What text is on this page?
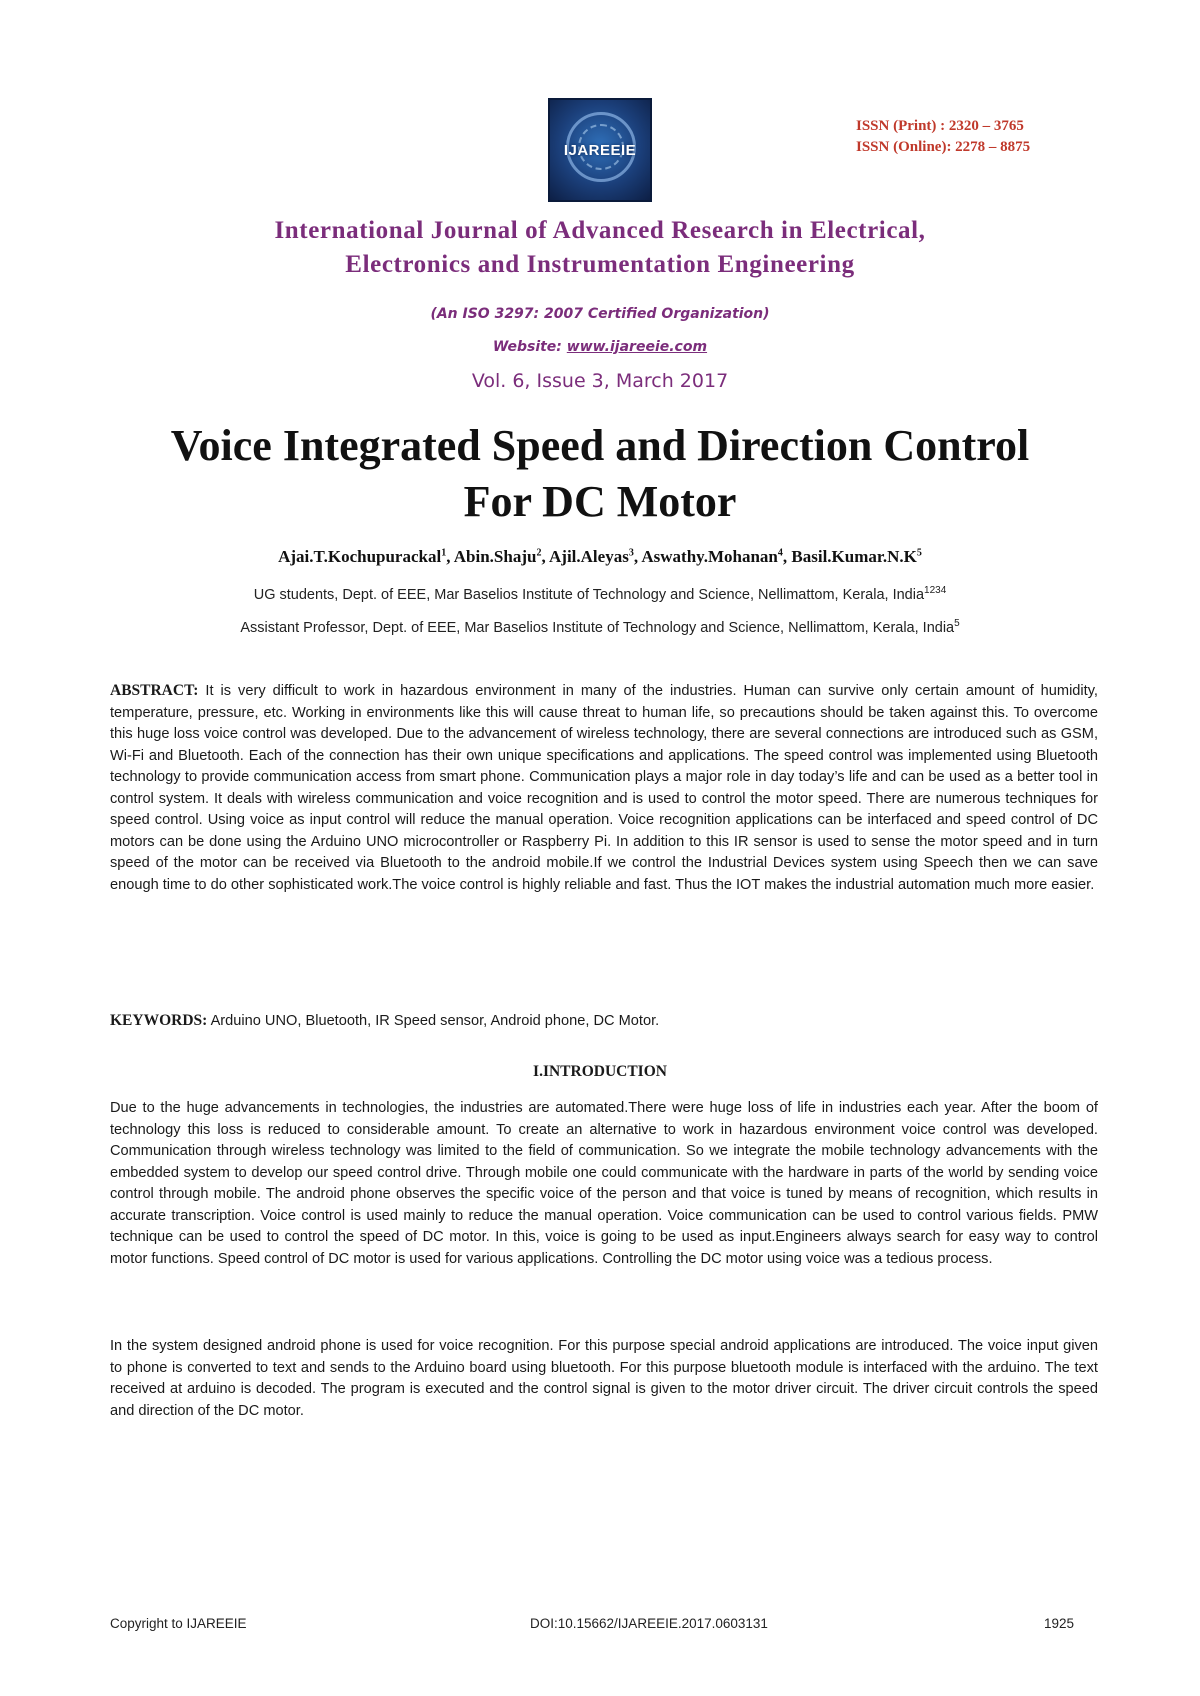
IJAREEIE
ISSN (Print) : 2320 – 3765
ISSN (Online): 2278 – 8875
International Journal of Advanced Research in Electrical,
Electronics and Instrumentation Engineering
(An ISO 3297: 2007 Certified Organization)
Website: www.ijareeie.com
Vol. 6, Issue 3, March 2017
Voice Integrated Speed and Direction Control
For DC Motor
Ajai.T.Kochupurackal$^1$, Abin.Shaju$^2$, Ajil.Aleyas$^3$, Aswathy.Mohanan$^4$, $Basil.Kumar.N.K^5$
UG students, Dept. of EEE, Mar Baselios Institute of Technology and Science, Nellimattom, Kerala, India$^{1234}$
Assistant Professor, Dept. of EEE, Mar Baselios Institute of Technology and Science, Nellimattom, Kerala, India$^5$
ABSTRACT: It is very difficult to work in hazardous environment in many of the industries. Human can survive only certain amount of humidity, temperature, pressure, etc. Working in environments like this will cause threat to human life, so precautions should be taken against this. To overcome this huge loss voice control was developed. Due to the advancement of wireless technology, there are several connections are introduced such as GSM, Wi-Fi and Bluetooth. Each of the connection has their own unique specifications and applications. The speed control was implemented using Bluetooth technology to provide communication access from smart phone. Communication plays a major role in day today’s life and can be used as a better tool in control system. It deals with wireless communication and voice recognition and is used to control the motor speed. There are numerous techniques for speed control. Using voice as input control will reduce the manual operation. Voice recognition applications can be interfaced and speed control of DC motors can be done using the Arduino UNO microcontroller or Raspberry Pi. In addition to this IR sensor is used to sense the motor speed and in turn speed of the motor can be received via Bluetooth to the android mobile.If we control the Industrial Devices system using Speech then we can save enough time to do other sophisticated work.The voice control is highly reliable and fast. Thus the IOT makes the industrial automation much more easier.
KEYWORDS: Arduino UNO, Bluetooth, IR Speed sensor, Android phone, DC Motor.
I.INTRODUCTION
Due to the huge advancements in technologies, the industries are automated.There were huge loss of life in industries each year. After the boom of technology this loss is reduced to considerable amount. To create an alternative to work in hazardous environment voice control was developed. Communication through wireless technology was limited to the field of communication. So we integrate the mobile technology advancements with the embedded system to develop our speed control drive. Through mobile one could communicate with the hardware in parts of the world by sending voice control through mobile. The android phone observes the specific voice of the person and that voice is tuned by means of recognition, which results in accurate transcription. Voice control is used mainly to reduce the manual operation. Voice communication can be used to control various fields. PMW technique can be used to control the speed of DC motor. In this, voice is going to be used as input.Engineers always search for easy way to control motor functions. Speed control of DC motor is used for various applications. Controlling the DC motor using voice was a tedious process.
In the system designed android phone is used for voice recognition. For this purpose special android applications are introduced. The voice input given to phone is converted to text and sends to the Arduino board using bluetooth. For this purpose bluetooth module is interfaced with the arduino. The text received at arduino is decoded. The program is executed and the control signal is given to the motor driver circuit. The driver circuit controls the speed and direction of the DC motor.
Copyright to IJAREEIE	DOI:10.15662/IJAREEIE.2017.0603131	1925
